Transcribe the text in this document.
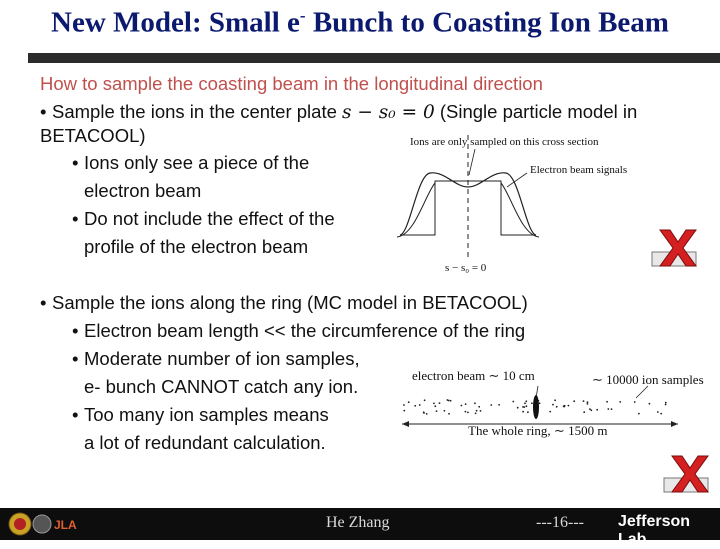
New Model: Small e- Bunch to Coasting Ion Beam
How to sample the coasting beam in the longitudinal direction
• Sample the ions in the center plate s − s₀ = 0 (Single particle model in
BETACOOL)
• Ions only see a piece of the
electron beam
• Do not include the effect of the
profile of the electron beam
Ions are only sampled on this cross section
Electron beam signals
s − s₀ = 0
• Sample the ions along the ring (MC model in BETACOOL)
• Electron beam length << the circumference of the ring
• Moderate number of ion samples,
e- bunch CANNOT catch any ion.
• Too many ion samples means
a lot of redundant calculation.
electron beam ∼ 10 cm	∼ 10000 ion samples
The whole ring, ∼ 1500 m
JLA	He Zhang	---16--- Jefferson Lab
